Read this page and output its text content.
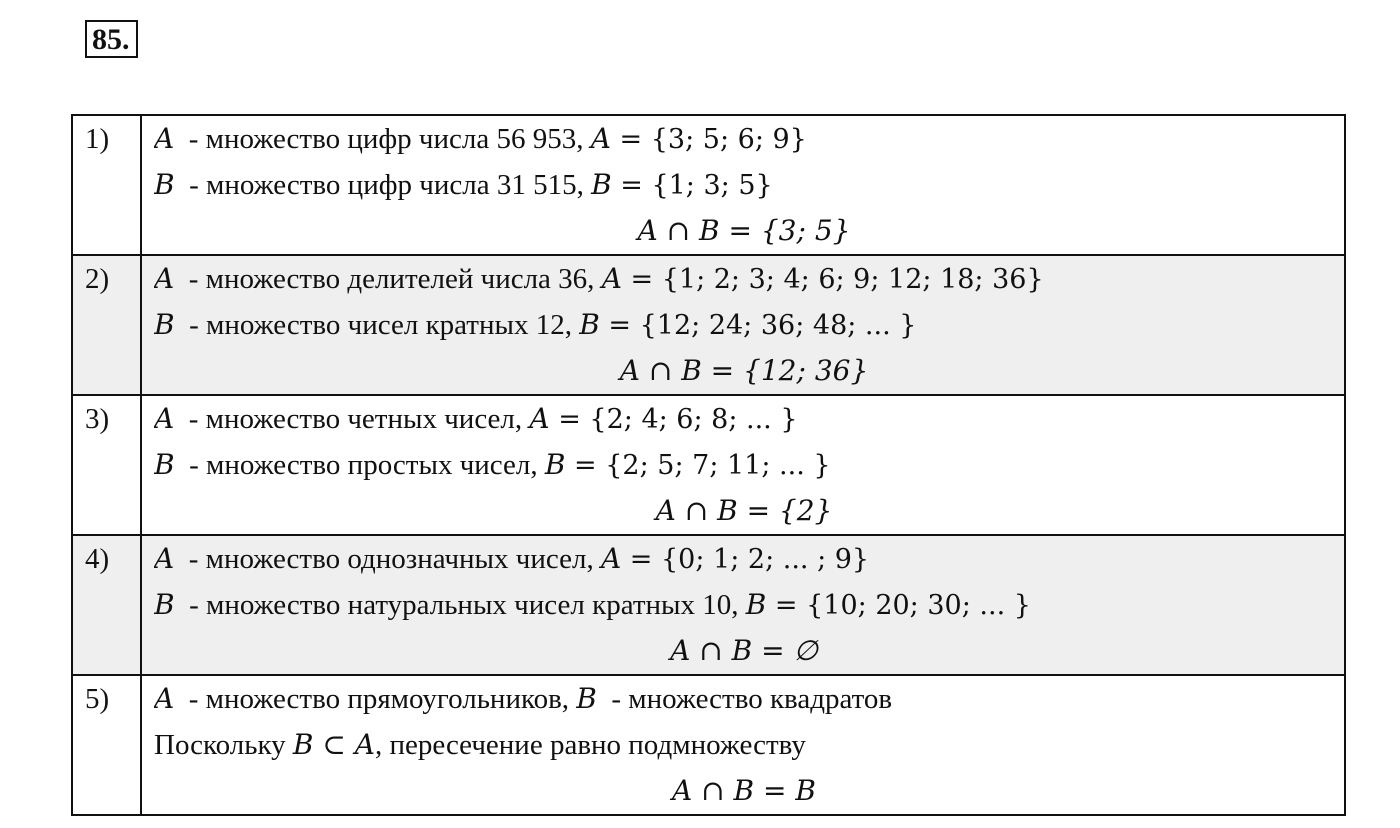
85.
1)	A  - множество цифр числа 56 953, A = {3; 5; 6; 9}
B  - множество цифр числа 31 515, B = {1; 3; 5}
A ∩ B = {3; 5}

2)	A  - множество делителей числа 36, A = {1; 2; 3; 4; 6; 9; 12; 18; 36}
B  - множество чисел кратных 12, B = {12; 24; 36; 48; ... }
A ∩ B = {12; 36}

3)	A  - множество четных чисел, A = {2; 4; 6; 8; ... }
B  - множество простых чисел, B = {2; 5; 7; 11; ... }
A ∩ B = {2}

4)	A  - множество однозначных чисел, A = {0; 1; 2; ... ; 9}
B  - множество натуральных чисел кратных 10, B = {10; 20; 30; ... }
A ∩ B = ∅

5)	A  - множество прямоугольников, B  - множество квадратов
Поскольку B ⊂ A, пересечение равно подмножеству
A ∩ B = B
